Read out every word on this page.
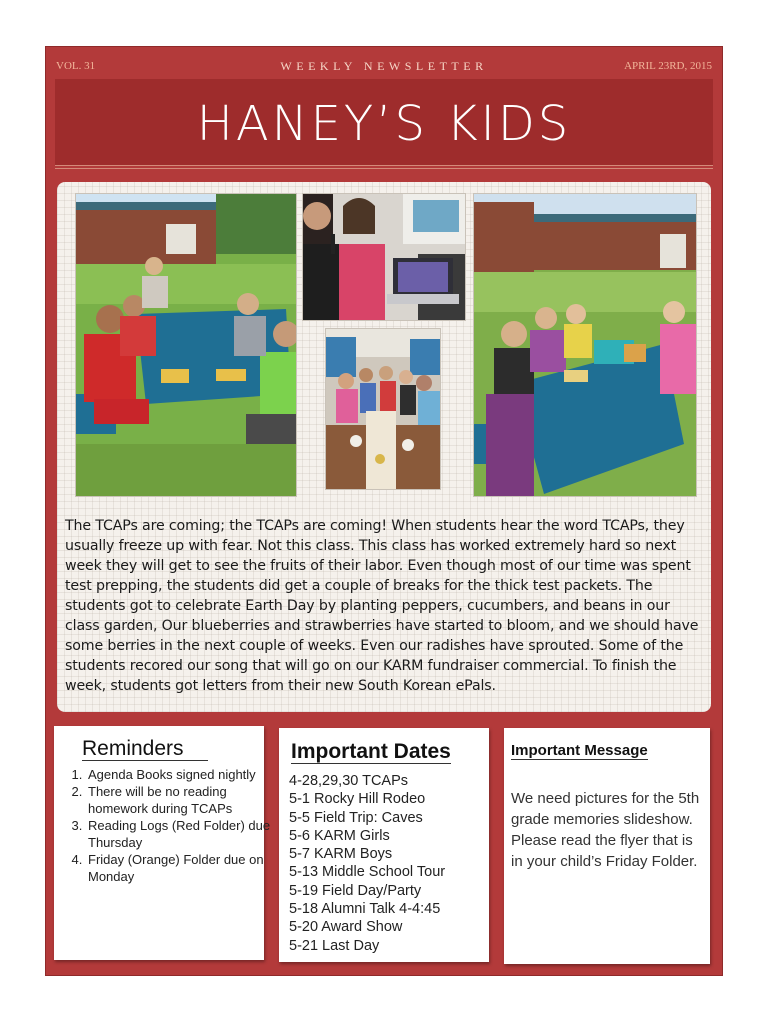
VOL. 31	WEEKLY NEWSLETTER	APRIL 23RD, 2015
HANEY’S KIDS
The TCAPs are coming; the TCAPs are coming! When students hear the word TCAPs, they usually freeze up with fear. Not this class. This class has worked extremely hard so next week they will get to see the fruits of their labor. Even though most of our time was spent test prepping, the students did get a couple of breaks for the thick test packets. The students got to celebrate Earth Day by planting peppers, cucumbers, and beans in our class garden, Our blueberries and strawberries have started to bloom, and we should have some berries in the next couple of weeks. Even our radishes have sprouted. Some of the students recored our song that will go on our KARM fundraiser commercial. To finish the week, students got letters from their new South Korean ePals.
Reminders
1. Agenda Books signed nightly
2. There will be no reading homework during TCAPs
3. Reading Logs (Red Folder) due Thursday
4. Friday (Orange) Folder due on Monday
Important Dates
4-28,29,30 TCAPs
5-1 Rocky Hill Rodeo
5-5 Field Trip: Caves
5-6 KARM Girls
5-7 KARM Boys
5-13 Middle School Tour
5-19 Field Day/Party
5-18 Alumni Talk 4-4:45
5-20 Award Show
5-21 Last Day
Important Message
We need pictures for the 5th grade memories slideshow. Please read the flyer that is in your child’s Friday Folder.
